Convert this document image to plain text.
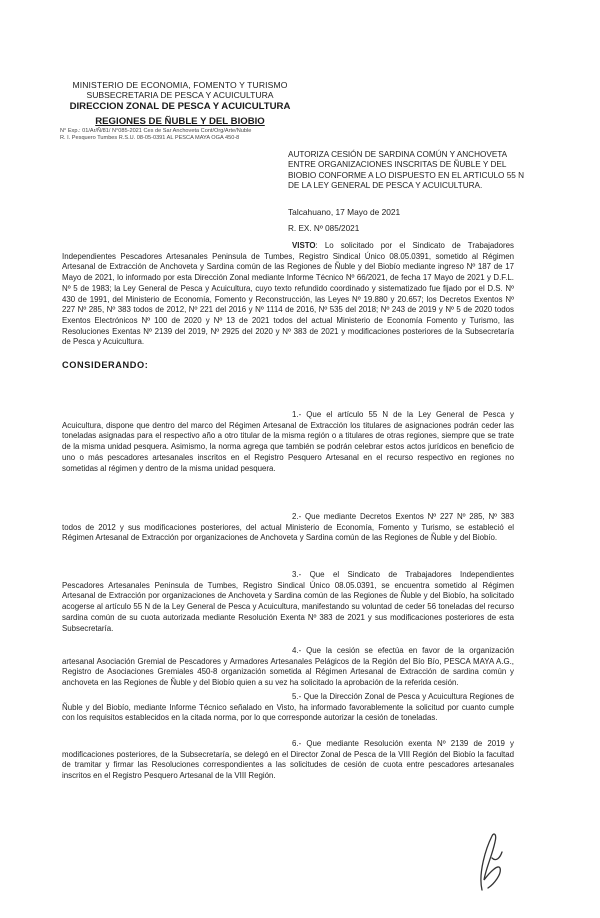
MINISTERIO DE ECONOMIA, FOMENTO Y TURISMO
SUBSECRETARIA DE PESCA Y ACUICULTURA
DIRECCION ZONAL DE PESCA Y ACUICULTURA
REGIONES DE ÑUBLE Y DEL BIOBIO
N° Exp.: 01/Ar/Ñ/81/ N°085-2021 Ces de Sar Anchoveta Cont/Org/Arte/Nuble
R. I. Pesquero Tumbes R.S.U. 08-05-0391 AL PESCA MAYA OGA 450-8
AUTORIZA CESIÓN DE SARDINA COMÚN Y ANCHOVETA ENTRE ORGANIZACIONES INSCRITAS DE ÑUBLE Y DEL BIOBIO CONFORME A LO DISPUESTO EN EL ARTICULO 55 N DE LA LEY GENERAL DE PESCA Y ACUICULTURA.
Talcahuano, 17 Mayo de 2021
R. EX. Nº 085/2021
VISTO: Lo solicitado por el Sindicato de Trabajadores Independientes Pescadores Artesanales Peninsula de Tumbes, Registro Sindical Único 08.05.0391, sometido al Régimen Artesanal de Extracción de Anchoveta y Sardina común de las Regiones de Ñuble y del Biobío mediante ingreso Nº 187 de 17 Mayo de 2021, lo informado por esta Dirección Zonal mediante Informe Técnico Nº 66/2021, de fecha 17 Mayo de 2021 y D.F.L. Nº 5 de 1983; la Ley General de Pesca y Acuicultura, cuyo texto refundido coordinado y sistematizado fue fijado por el D.S. Nº 430 de 1991, del Ministerio de Economía, Fomento y Reconstrucción, las Leyes Nº 19.880 y 20.657; los Decretos Exentos Nº 227 Nº 285, Nº 383 todos de 2012, Nº 221 del 2016 y Nº 1114 de 2016, Nº 535 del 2018; Nº 243 de 2019 y Nº 5 de 2020 todos Exentos Electrónicos Nº 100 de 2020 y Nº 13 de 2021 todos del actual Ministerio de Economía Fomento y Turismo, las Resoluciones Exentas Nº 2139 del 2019, Nº 2925 del 2020 y Nº 383 de 2021 y modificaciones posteriores de la Subsecretaría de Pesca y Acuicultura.
CONSIDERANDO:
1.- Que el artículo 55 N de la Ley General de Pesca y Acuicultura, dispone que dentro del marco del Régimen Artesanal de Extracción los titulares de asignaciones podrán ceder las toneladas asignadas para el respectivo año a otro titular de la misma región o a titulares de otras regiones, siempre que se trate de la misma unidad pesquera. Asimismo, la norma agrega que también se podrán celebrar estos actos jurídicos en beneficio de uno o más pescadores artesanales inscritos en el Registro Pesquero Artesanal en el recurso respectivo en regiones no sometidas al régimen y dentro de la misma unidad pesquera.
2.- Que mediante Decretos Exentos Nº 227 Nº 285, Nº 383 todos de 2012 y sus modificaciones posteriores, del actual Ministerio de Economía, Fomento y Turismo, se estableció el Régimen Artesanal de Extracción por organizaciones de Anchoveta y Sardina común de las Regiones de Ñuble y del Biobío.
3.- Que el Sindicato de Trabajadores Independientes Pescadores Artesanales Peninsula de Tumbes, Registro Sindical Único 08.05.0391, se encuentra sometido al Régimen Artesanal de Extracción por organizaciones de Anchoveta y Sardina común de las Regiones de Ñuble y del Biobío, ha solicitado acogerse al artículo 55 N de la Ley General de Pesca y Acuicultura, manifestando su voluntad de ceder 56 toneladas del recurso sardina común de su cuota autorizada mediante Resolución Exenta Nº 383 de 2021 y sus modificaciones posteriores de esta Subsecretaría.
4.- Que la cesión se efectúa en favor de la organización artesanal Asociación Gremial de Pescadores y Armadores Artesanales Pelágicos de la Región del Bío Bío, PESCA MAYA A.G., Registro de Asociaciones Gremiales 450-8 organización sometida al Régimen Artesanal de Extracción de sardina común y anchoveta en las Regiones de Ñuble y del Biobío quien a su vez ha solicitado la aprobación de la referida cesión.
5.- Que la Dirección Zonal de Pesca y Acuicultura Regiones de Ñuble y del Biobío, mediante Informe Técnico señalado en Visto, ha informado favorablemente la solicitud por cuanto cumple con los requisitos establecidos en la citada norma, por lo que corresponde autorizar la cesión de toneladas.
6.- Que mediante Resolución exenta Nº 2139 de 2019 y modificaciones posteriores, de la Subsecretaría, se delegó en el Director Zonal de Pesca de la VIII Región del Biobío la facultad de tramitar y firmar las Resoluciones correspondientes a las solicitudes de cesión de cuota entre pescadores artesanales inscritos en el Registro Pesquero Artesanal de la VIII Región.
